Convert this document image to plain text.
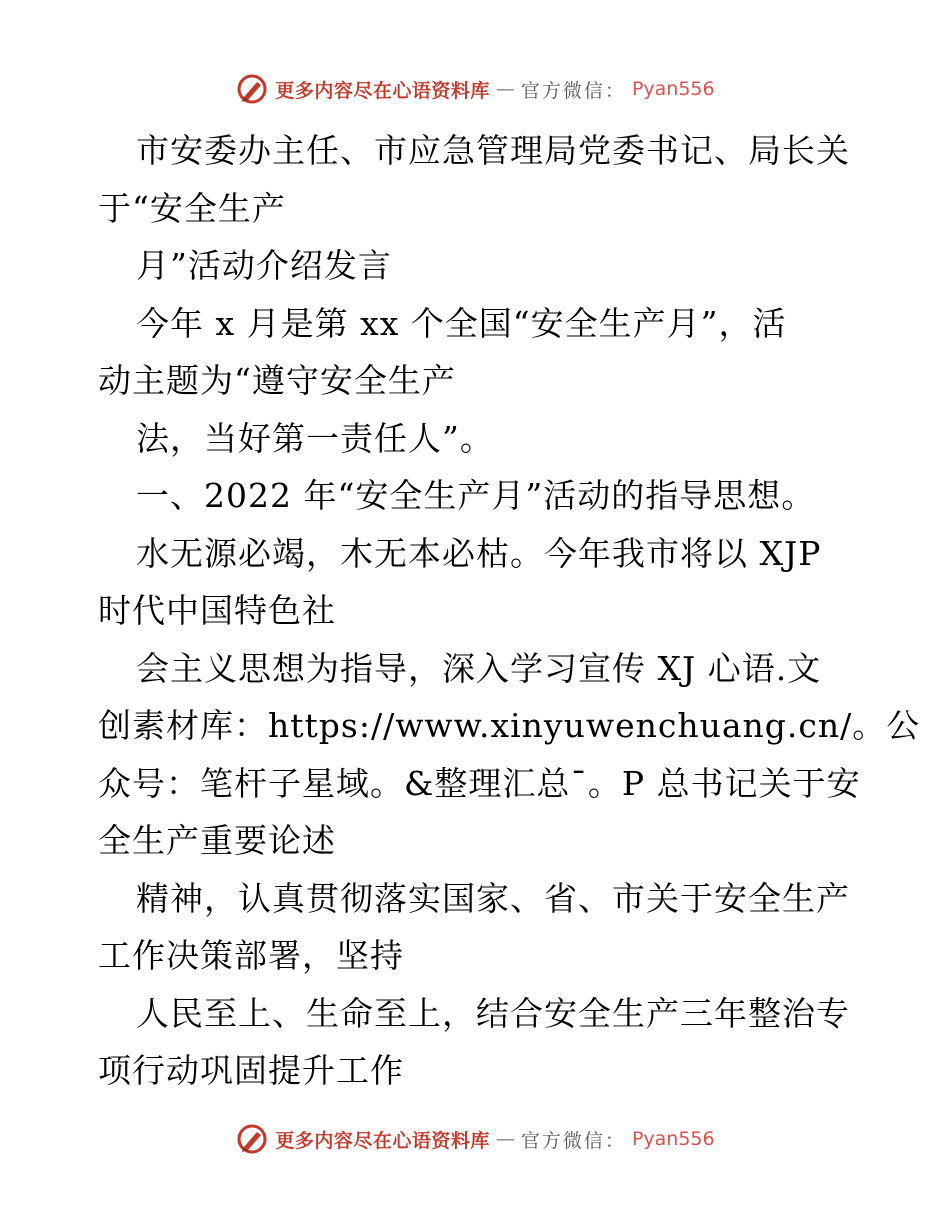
更多内容尽在心语资料库 — 官方微信： Pyan556
市安委办主任、市应急管理局党委书记、局长关
于“安全生产
月”活动介绍发言
今年 x 月是第 xx 个全国“安全生产月”，活
动主题为“遵守安全生产
法，当好第一责任人”。
一、2022 年“安全生产月”活动的指导思想。
水无源必竭，木无本必枯。今年我市将以 XJP
时代中国特色社
会主义思想为指导，深入学习宣传 XJ 心语.文
创素材库：https://www.xinyuwenchuang.cn/。公
众号：笔杆子星域。&整理汇总¯。P 总书记关于安
全生产重要论述
精神，认真贯彻落实国家、省、市关于安全生产
工作决策部署，坚持
人民至上、生命至上，结合安全生产三年整治专
项行动巩固提升工作
更多内容尽在心语资料库 — 官方微信： Pyan556
